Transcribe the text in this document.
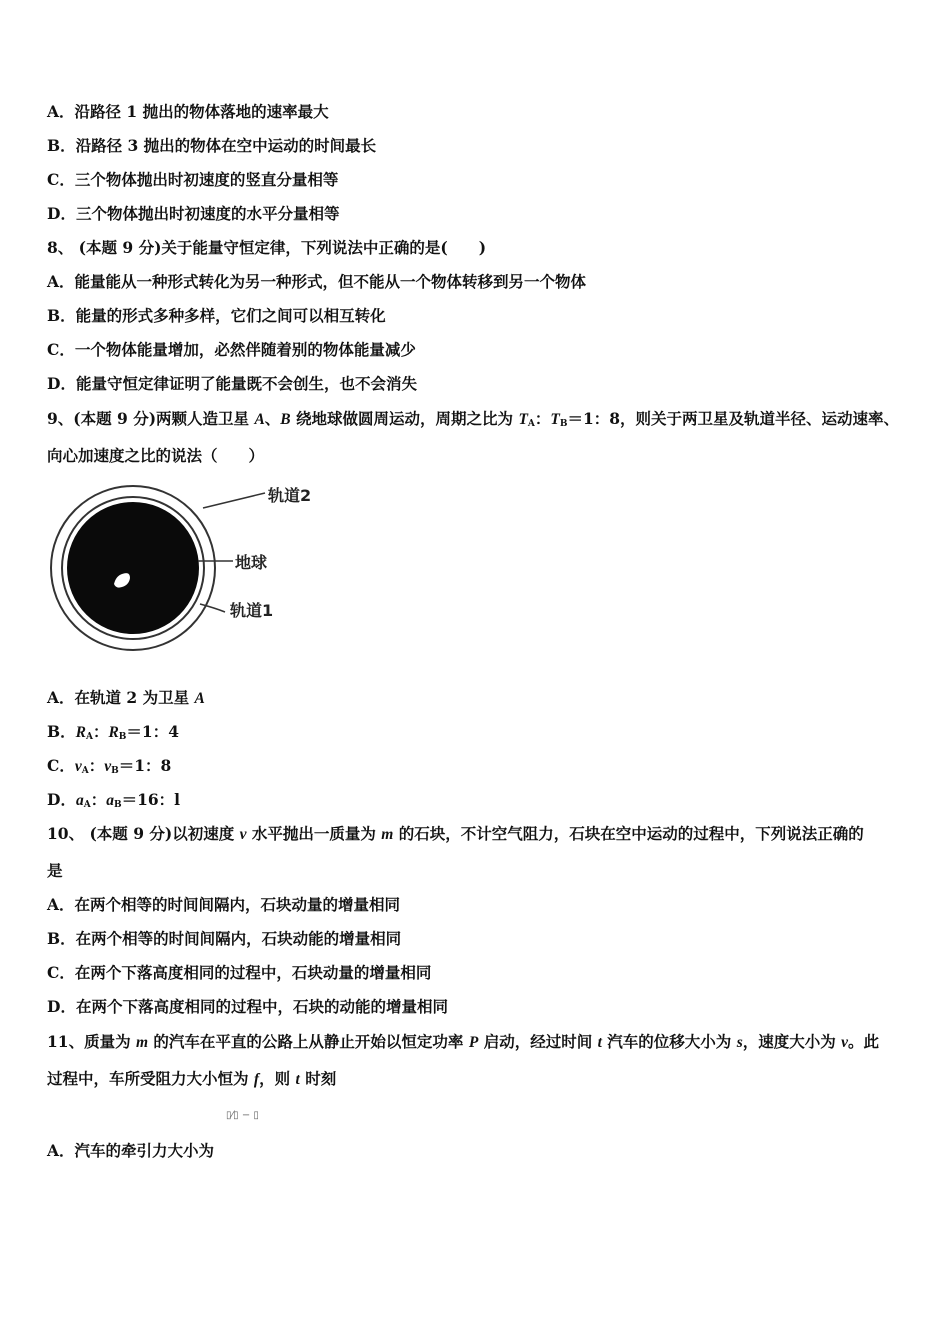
A．沿路径 1 抛出的物体落地的速率最大
B．沿路径 3 抛出的物体在空中运动的时间最长
C．三个物体抛出时初速度的竖直分量相等
D．三个物体抛出时初速度的水平分量相等
8、 (本题 9 分)关于能量守恒定律，下列说法中正确的是(　　)
A．能量能从一种形式转化为另一种形式，但不能从一个物体转移到另一个物体
B．能量的形式多种多样，它们之间可以相互转化
C．一个物体能量增加，必然伴随着别的物体能量减少
D．能量守恒定律证明了能量既不会创生，也不会消失
9、(本题 9 分)两颗人造卫星 A、B 绕地球做圆周运动，周期之比为 $T_A$：$T_B=1$：8，则关于两卫星及轨道半径、运动速率、
向心加速度之比的说法（　　）
轨道2
地球
轨道1
A．在轨道 2 为卫星 A
B．$R_A$：$R_B=1$：4
C．$v_A$：$v_B=1$：8
D．$a_A$：$a_B=16$：l
10、 (本题 9 分)以初速度 v 水平抛出一质量为 m 的石块，不计空气阻力，石块在空中运动的过程中，下列说法正确的
是
A．在两个相等的时间间隔内，石块动量的增量相同
B．在两个相等的时间间隔内，石块动能的增量相同
C．在两个下落高度相同的过程中，石块动量的增量相同
D．在两个下落高度相同的过程中，石块的动能的增量相同
11、质量为 m 的汽车在平直的公路上从静止开始以恒定功率 P 启动，经过时间 t 汽车的位移大小为 s，速度大小为 v。此
过程中，车所受阻力大小恒为 f，则 t 时刻
▯⁄▯ − ▯
A．汽车的牵引力大小为
